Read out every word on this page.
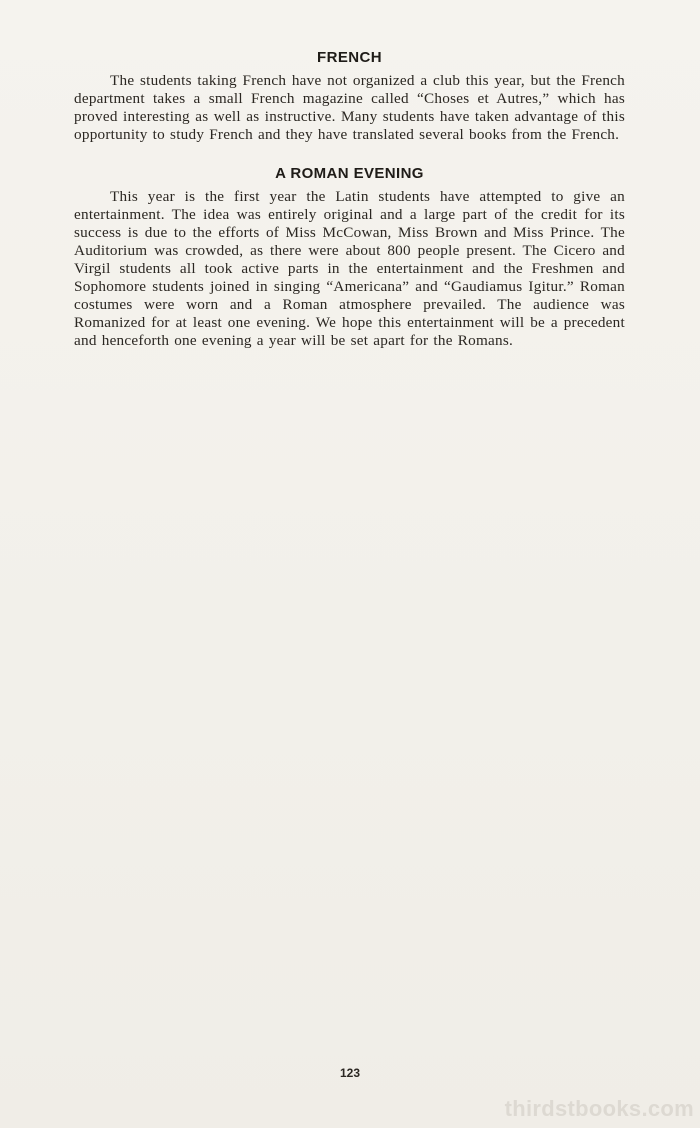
FRENCH

The students taking French have not organized a club this year, but the French department takes a small French magazine called “Choses et Autres,” which has proved interesting as well as instructive. Many students have taken advantage of this opportunity to study French and they have translated several books from the French.

A ROMAN EVENING

This year is the first year the Latin students have attempted to give an entertainment. The idea was entirely original and a large part of the credit for its success is due to the efforts of Miss McCowan, Miss Brown and Miss Prince. The Auditorium was crowded, as there were about 800 people present. The Cicero and Virgil students all took active parts in the entertainment and the Freshmen and Sophomore students joined in singing “Americana” and “Gaudiamus Igitur.” Roman costumes were worn and a Roman atmosphere prevailed. The audience was Romanized for at least one evening. We hope this entertainment will be a precedent and henceforth one evening a year will be set apart for the Romans.

123
thirdstbooks.com
